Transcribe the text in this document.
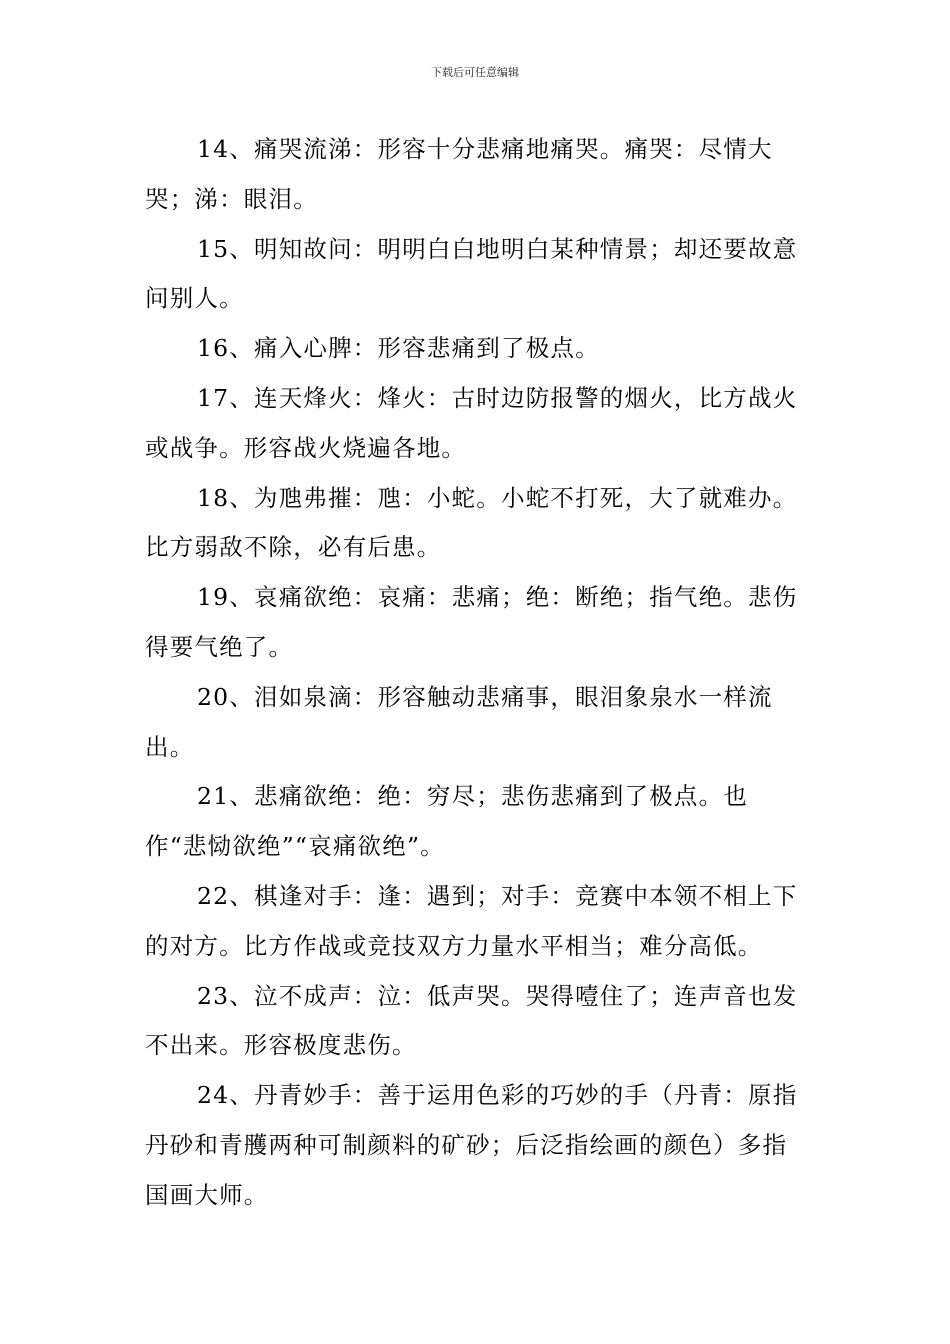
下载后可任意编辑

14、痛哭流涕：形容十分悲痛地痛哭。痛哭：尽情大哭；涕：眼泪。

15、明知故问：明明白白地明白某种情景；却还要故意问别人。

16、痛入心脾：形容悲痛到了极点。

17、连天烽火：烽火：古时边防报警的烟火，比方战火或战争。形容战火烧遍各地。

18、为虺弗摧：虺：小蛇。小蛇不打死，大了就难办。比方弱敌不除，必有后患。

19、哀痛欲绝：哀痛：悲痛；绝：断绝；指气绝。悲伤得要气绝了。

20、泪如泉滴：形容触动悲痛事，眼泪象泉水一样流出。

21、悲痛欲绝：绝：穷尽；悲伤悲痛到了极点。也作“悲恸欲绝”“哀痛欲绝”。

22、棋逢对手：逢：遇到；对手：竞赛中本领不相上下的对方。比方作战或竞技双方力量水平相当；难分高低。

23、泣不成声：泣：低声哭。哭得噎住了；连声音也发不出来。形容极度悲伤。

24、丹青妙手：善于运用色彩的巧妙的手（丹青：原指丹砂和青雘两种可制颜料的矿砂；后泛指绘画的颜色）多指国画大师。
